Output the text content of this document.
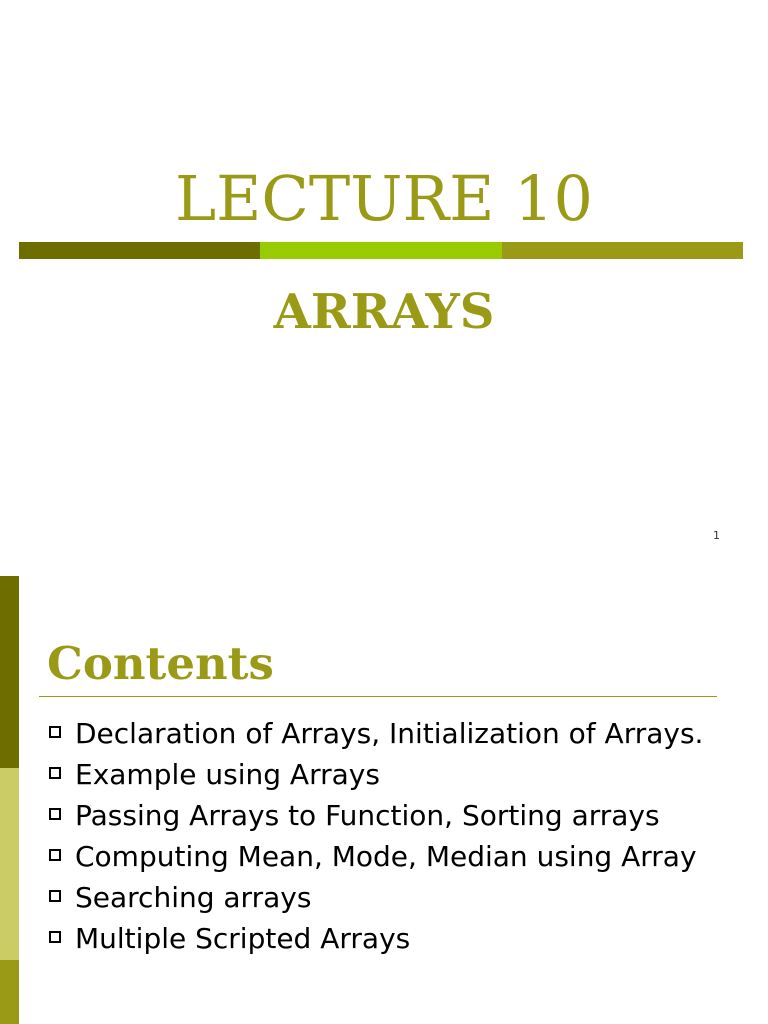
LECTURE 10
ARRAYS
1
Contents
Declaration of Arrays, Initialization of Arrays.
Example using Arrays
Passing Arrays to Function, Sorting arrays
Computing Mean, Mode, Median using Array
Searching arrays
Multiple Scripted Arrays
